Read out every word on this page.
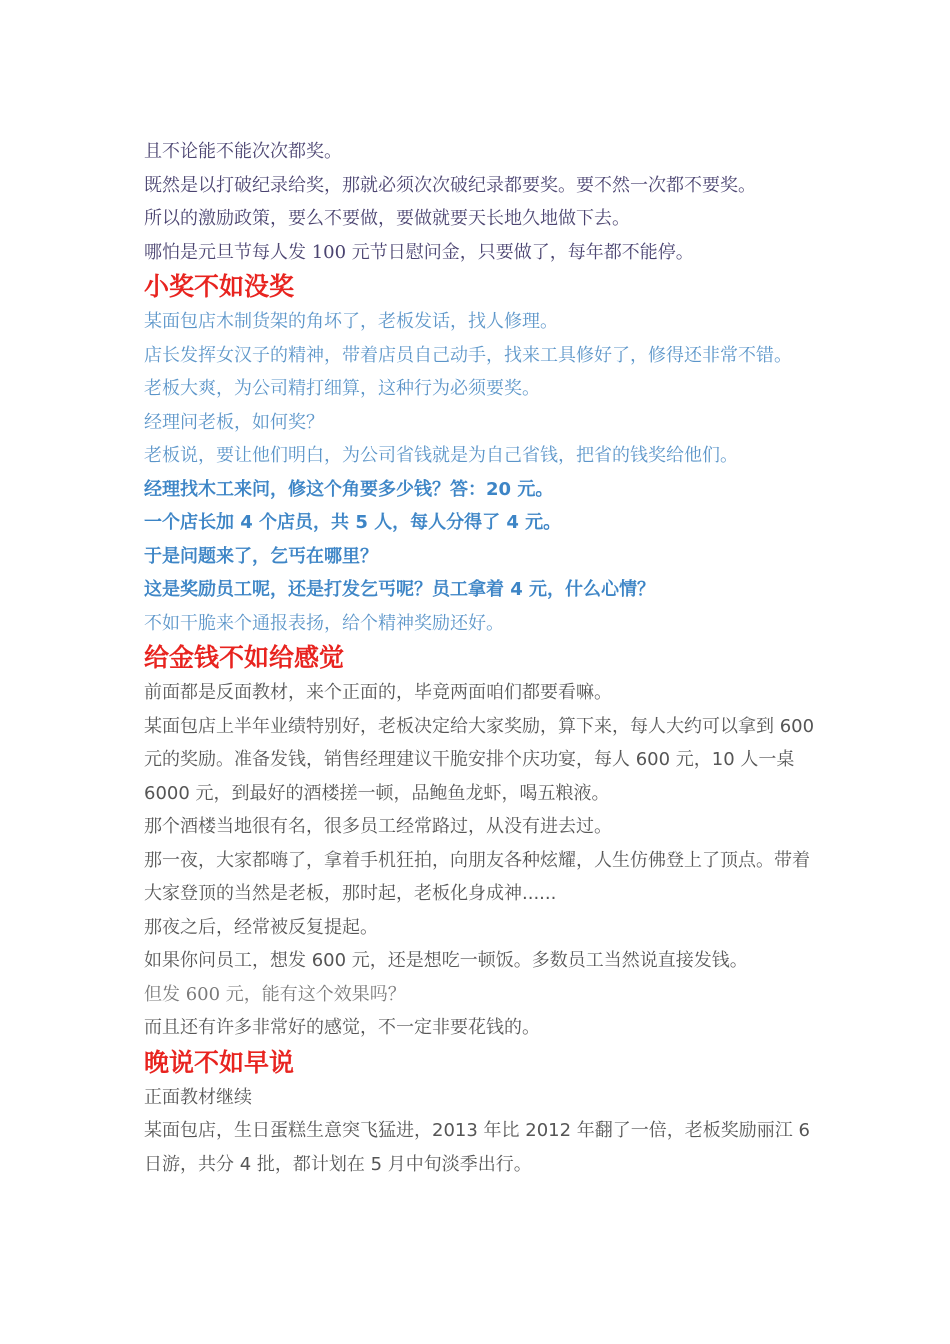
且不论能不能次次都奖。

既然是以打破纪录给奖，那就必须次次破纪录都要奖。要不然一次都不要奖。

所以的激励政策，要么不要做，要做就要天长地久地做下去。

哪怕是元旦节每人发 100 元节日慰问金，只要做了，每年都不能停。

小奖不如没奖

某面包店木制货架的角坏了，老板发话，找人修理。

店长发挥女汉子的精神，带着店员自己动手，找来工具修好了，修得还非常不错。

老板大爽，为公司精打细算，这种行为必须要奖。

经理问老板，如何奖？

老板说，要让他们明白，为公司省钱就是为自己省钱，把省的钱奖给他们。

经理找木工来问，修这个角要多少钱？答：20 元。

一个店长加 4 个店员，共 5 人，每人分得了 4 元。

于是问题来了，乞丐在哪里？

这是奖励员工呢，还是打发乞丐呢？员工拿着 4 元，什么心情？

不如干脆来个通报表扬，给个精神奖励还好。

给金钱不如给感觉

前面都是反面教材，来个正面的，毕竟两面咱们都要看嘛。

某面包店上半年业绩特别好，老板决定给大家奖励，算下来，每人大约可以拿到 600 元的奖励。准备发钱，销售经理建议干脆安排个庆功宴，每人 600 元，10 人一桌 6000 元，到最好的酒楼搓一顿，品鲍鱼龙虾，喝五粮液。

那个酒楼当地很有名，很多员工经常路过，从没有进去过。

那一夜，大家都嗨了，拿着手机狂拍，向朋友各种炫耀，人生仿佛登上了顶点。带着大家登顶的当然是老板，那时起，老板化身成神......

那夜之后，经常被反复提起。

如果你问员工，想发 600 元，还是想吃一顿饭。多数员工当然说直接发钱。

但发 600 元，能有这个效果吗？

而且还有许多非常好的感觉，不一定非要花钱的。

晚说不如早说

正面教材继续

某面包店，生日蛋糕生意突飞猛进，2013 年比 2012 年翻了一倍，老板奖励丽江 6 日游，共分 4 批，都计划在 5 月中旬淡季出行。
